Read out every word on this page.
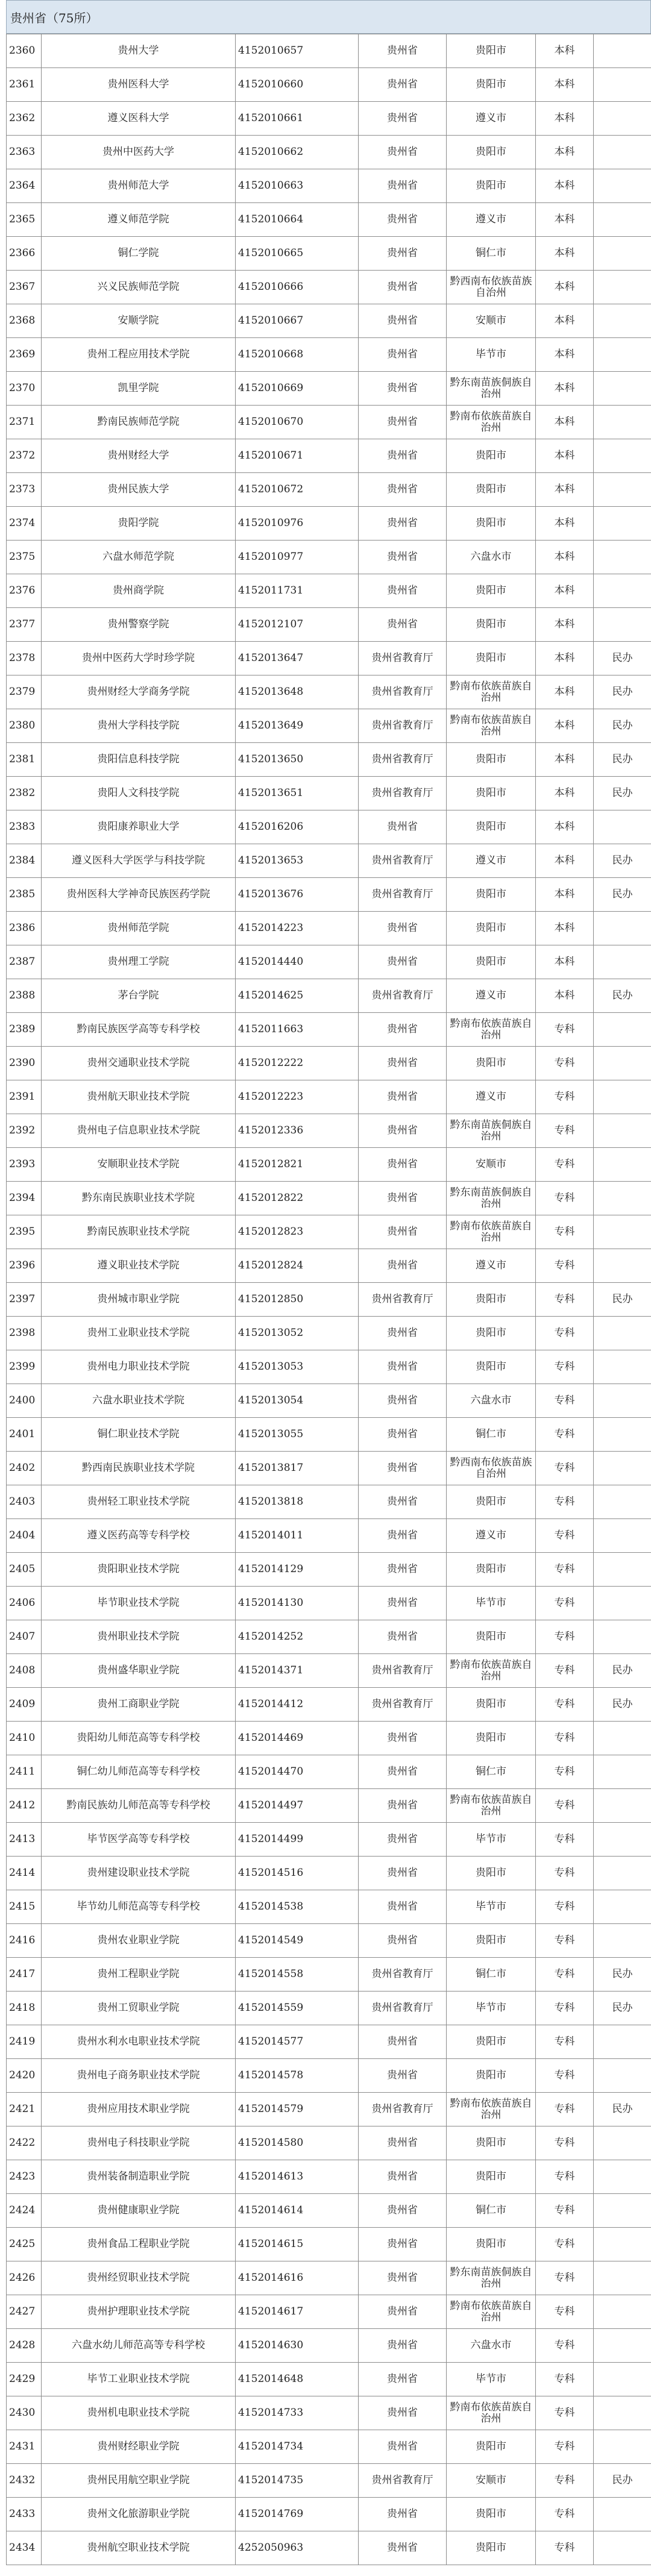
贵州省（75所）
2360	贵州大学	4152010657	贵州省	贵阳市	本科	
2361	贵州医科大学	4152010660	贵州省	贵阳市	本科	
2362	遵义医科大学	4152010661	贵州省	遵义市	本科	
2363	贵州中医药大学	4152010662	贵州省	贵阳市	本科	
2364	贵州师范大学	4152010663	贵州省	贵阳市	本科	
2365	遵义师范学院	4152010664	贵州省	遵义市	本科	
2366	铜仁学院	4152010665	贵州省	铜仁市	本科	
2367	兴义民族师范学院	4152010666	贵州省	黔西南布依族苗族自治州	本科	
2368	安顺学院	4152010667	贵州省	安顺市	本科	
2369	贵州工程应用技术学院	4152010668	贵州省	毕节市	本科	
2370	凯里学院	4152010669	贵州省	黔东南苗族侗族自治州	本科	
2371	黔南民族师范学院	4152010670	贵州省	黔南布依族苗族自治州	本科	
2372	贵州财经大学	4152010671	贵州省	贵阳市	本科	
2373	贵州民族大学	4152010672	贵州省	贵阳市	本科	
2374	贵阳学院	4152010976	贵州省	贵阳市	本科	
2375	六盘水师范学院	4152010977	贵州省	六盘水市	本科	
2376	贵州商学院	4152011731	贵州省	贵阳市	本科	
2377	贵州警察学院	4152012107	贵州省	贵阳市	本科	
2378	贵州中医药大学时珍学院	4152013647	贵州省教育厅	贵阳市	本科	民办
2379	贵州财经大学商务学院	4152013648	贵州省教育厅	黔南布依族苗族自治州	本科	民办
2380	贵州大学科技学院	4152013649	贵州省教育厅	黔南布依族苗族自治州	本科	民办
2381	贵阳信息科技学院	4152013650	贵州省教育厅	贵阳市	本科	民办
2382	贵阳人文科技学院	4152013651	贵州省教育厅	贵阳市	本科	民办
2383	贵阳康养职业大学	4152016206	贵州省	贵阳市	本科	
2384	遵义医科大学医学与科技学院	4152013653	贵州省教育厅	遵义市	本科	民办
2385	贵州医科大学神奇民族医药学院	4152013676	贵州省教育厅	贵阳市	本科	民办
2386	贵州师范学院	4152014223	贵州省	贵阳市	本科	
2387	贵州理工学院	4152014440	贵州省	贵阳市	本科	
2388	茅台学院	4152014625	贵州省教育厅	遵义市	本科	民办
2389	黔南民族医学高等专科学校	4152011663	贵州省	黔南布依族苗族自治州	专科	
2390	贵州交通职业技术学院	4152012222	贵州省	贵阳市	专科	
2391	贵州航天职业技术学院	4152012223	贵州省	遵义市	专科	
2392	贵州电子信息职业技术学院	4152012336	贵州省	黔东南苗族侗族自治州	专科	
2393	安顺职业技术学院	4152012821	贵州省	安顺市	专科	
2394	黔东南民族职业技术学院	4152012822	贵州省	黔东南苗族侗族自治州	专科	
2395	黔南民族职业技术学院	4152012823	贵州省	黔南布依族苗族自治州	专科	
2396	遵义职业技术学院	4152012824	贵州省	遵义市	专科	
2397	贵州城市职业学院	4152012850	贵州省教育厅	贵阳市	专科	民办
2398	贵州工业职业技术学院	4152013052	贵州省	贵阳市	专科	
2399	贵州电力职业技术学院	4152013053	贵州省	贵阳市	专科	
2400	六盘水职业技术学院	4152013054	贵州省	六盘水市	专科	
2401	铜仁职业技术学院	4152013055	贵州省	铜仁市	专科	
2402	黔西南民族职业技术学院	4152013817	贵州省	黔西南布依族苗族自治州	专科	
2403	贵州轻工职业技术学院	4152013818	贵州省	贵阳市	专科	
2404	遵义医药高等专科学校	4152014011	贵州省	遵义市	专科	
2405	贵阳职业技术学院	4152014129	贵州省	贵阳市	专科	
2406	毕节职业技术学院	4152014130	贵州省	毕节市	专科	
2407	贵州职业技术学院	4152014252	贵州省	贵阳市	专科	
2408	贵州盛华职业学院	4152014371	贵州省教育厅	黔南布依族苗族自治州	专科	民办
2409	贵州工商职业学院	4152014412	贵州省教育厅	贵阳市	专科	民办
2410	贵阳幼儿师范高等专科学校	4152014469	贵州省	贵阳市	专科	
2411	铜仁幼儿师范高等专科学校	4152014470	贵州省	铜仁市	专科	
2412	黔南民族幼儿师范高等专科学校	4152014497	贵州省	黔南布依族苗族自治州	专科	
2413	毕节医学高等专科学校	4152014499	贵州省	毕节市	专科	
2414	贵州建设职业技术学院	4152014516	贵州省	贵阳市	专科	
2415	毕节幼儿师范高等专科学校	4152014538	贵州省	毕节市	专科	
2416	贵州农业职业学院	4152014549	贵州省	贵阳市	专科	
2417	贵州工程职业学院	4152014558	贵州省教育厅	铜仁市	专科	民办
2418	贵州工贸职业学院	4152014559	贵州省教育厅	毕节市	专科	民办
2419	贵州水利水电职业技术学院	4152014577	贵州省	贵阳市	专科	
2420	贵州电子商务职业技术学院	4152014578	贵州省	贵阳市	专科	
2421	贵州应用技术职业学院	4152014579	贵州省教育厅	黔南布依族苗族自治州	专科	民办
2422	贵州电子科技职业学院	4152014580	贵州省	贵阳市	专科	
2423	贵州装备制造职业学院	4152014613	贵州省	贵阳市	专科	
2424	贵州健康职业学院	4152014614	贵州省	铜仁市	专科	
2425	贵州食品工程职业学院	4152014615	贵州省	贵阳市	专科	
2426	贵州经贸职业技术学院	4152014616	贵州省	黔东南苗族侗族自治州	专科	
2427	贵州护理职业技术学院	4152014617	贵州省	黔南布依族苗族自治州	专科	
2428	六盘水幼儿师范高等专科学校	4152014630	贵州省	六盘水市	专科	
2429	毕节工业职业技术学院	4152014648	贵州省	毕节市	专科	
2430	贵州机电职业技术学院	4152014733	贵州省	黔南布依族苗族自治州	专科	
2431	贵州财经职业学院	4152014734	贵州省	贵阳市	专科	
2432	贵州民用航空职业学院	4152014735	贵州省教育厅	安顺市	专科	民办
2433	贵州文化旅游职业学院	4152014769	贵州省	贵阳市	专科	
2434	贵州航空职业技术学院	4252050963	贵州省	贵阳市	专科	
